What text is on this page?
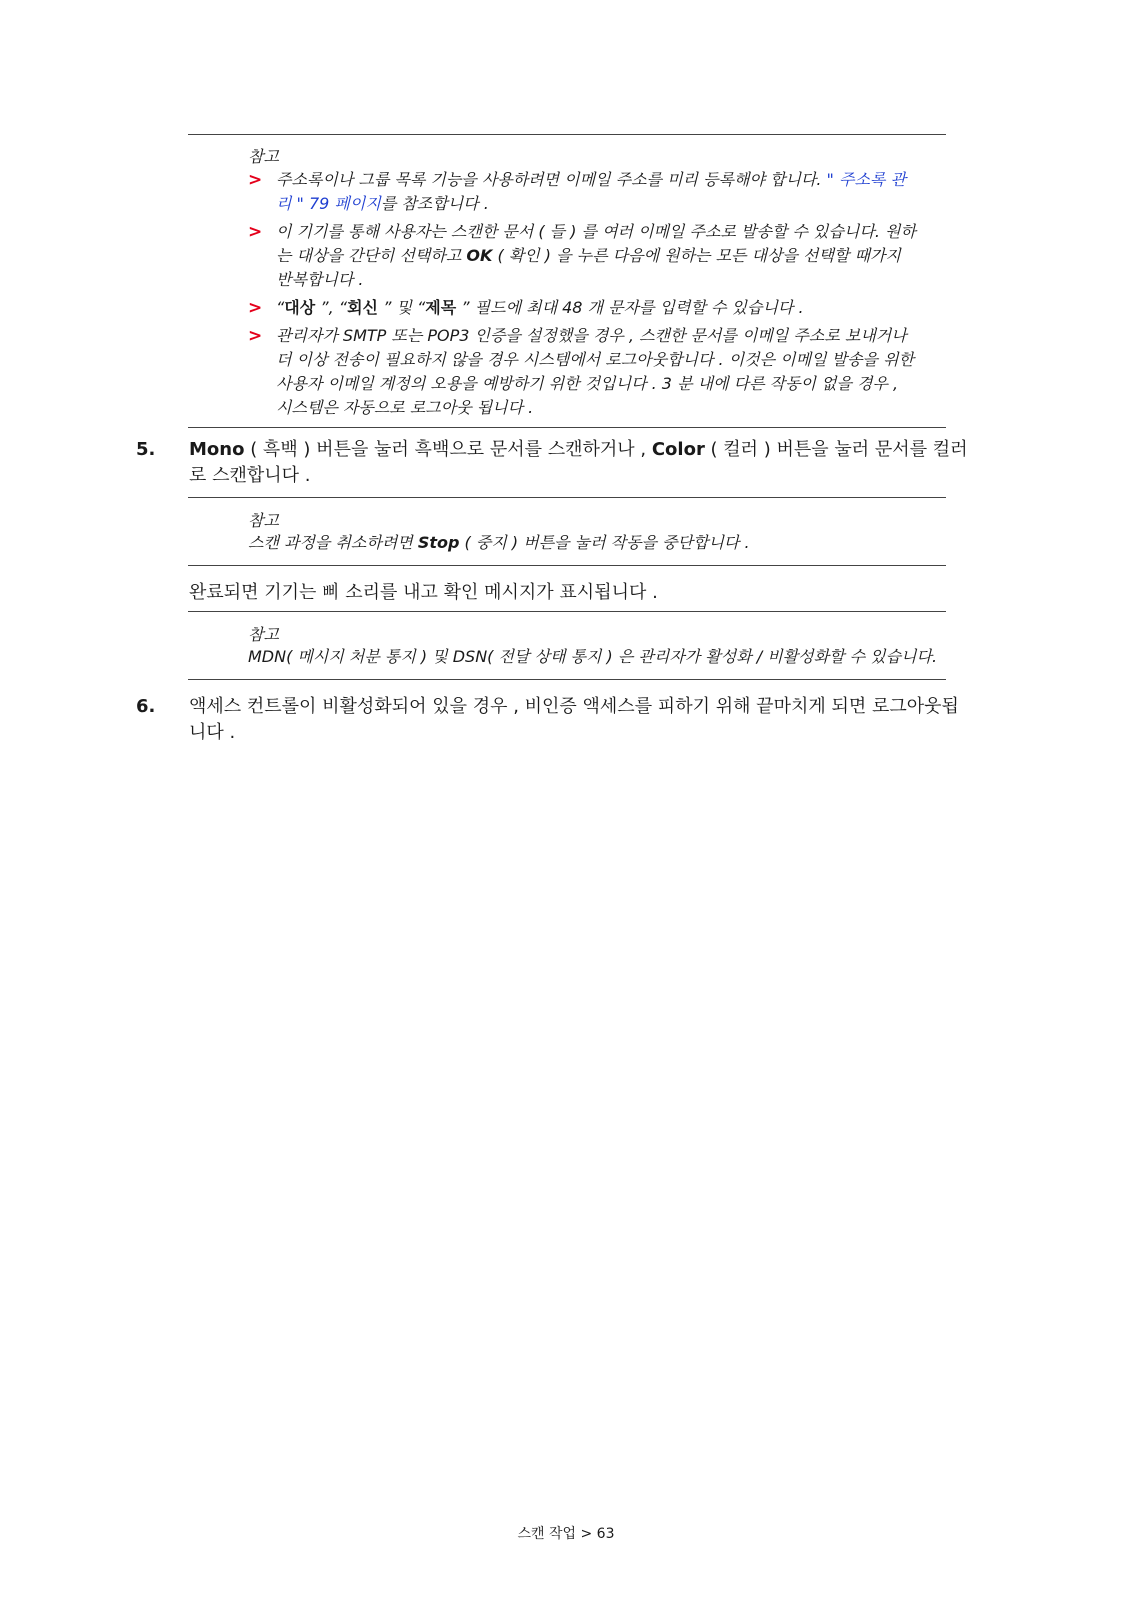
참고
> 주소록이나 그룹 목록 기능을 사용하려면 이메일 주소를 미리 등록해야 합니다. " 주소록 관리 " 79 페이지를 참조합니다 .
> 이 기기를 통해 사용자는 스캔한 문서 ( 들 ) 를 여러 이메일 주소로 발송할 수 있습니다. 원하는 대상을 간단히 선택하고 OK ( 확인 ) 을 누른 다음에 원하는 모든 대상을 선택할 때가지 반복합니다 .
> “대상 ”, “회신 ” 및 “제목 ” 필드에 최대 48 개 문자를 입력할 수 있습니다 .
> 관리자가 SMTP 또는 POP3 인증을 설정했을 경우 , 스캔한 문서를 이메일 주소로 보내거나 더 이상 전송이 필요하지 않을 경우 시스템에서 로그아웃합니다 . 이것은 이메일 발송을 위한 사용자 이메일 계정의 오용을 예방하기 위한 것입니다 . 3 분 내에 다른 작동이 없을 경우 , 시스템은 자동으로 로그아웃 됩니다 .
5. Mono ( 흑백 ) 버튼을 눌러 흑백으로 문서를 스캔하거나 , Color ( 컬러 ) 버튼을 눌러 문서를 컬러로 스캔합니다 .
참고
스캔 과정을 취소하려면 Stop ( 중지 ) 버튼을 눌러 작동을 중단합니다 .
완료되면 기기는 삐 소리를 내고 확인 메시지가 표시됩니다 .
참고
MDN( 메시지 처분 통지 ) 및 DSN( 전달 상태 통지 ) 은 관리자가 활성화 / 비활성화할 수 있습니다.
6. 액세스 컨트롤이 비활성화되어 있을 경우 , 비인증 액세스를 피하기 위해 끝마치게 되면 로그아웃됩니다 .
스캔 작업 > 63
